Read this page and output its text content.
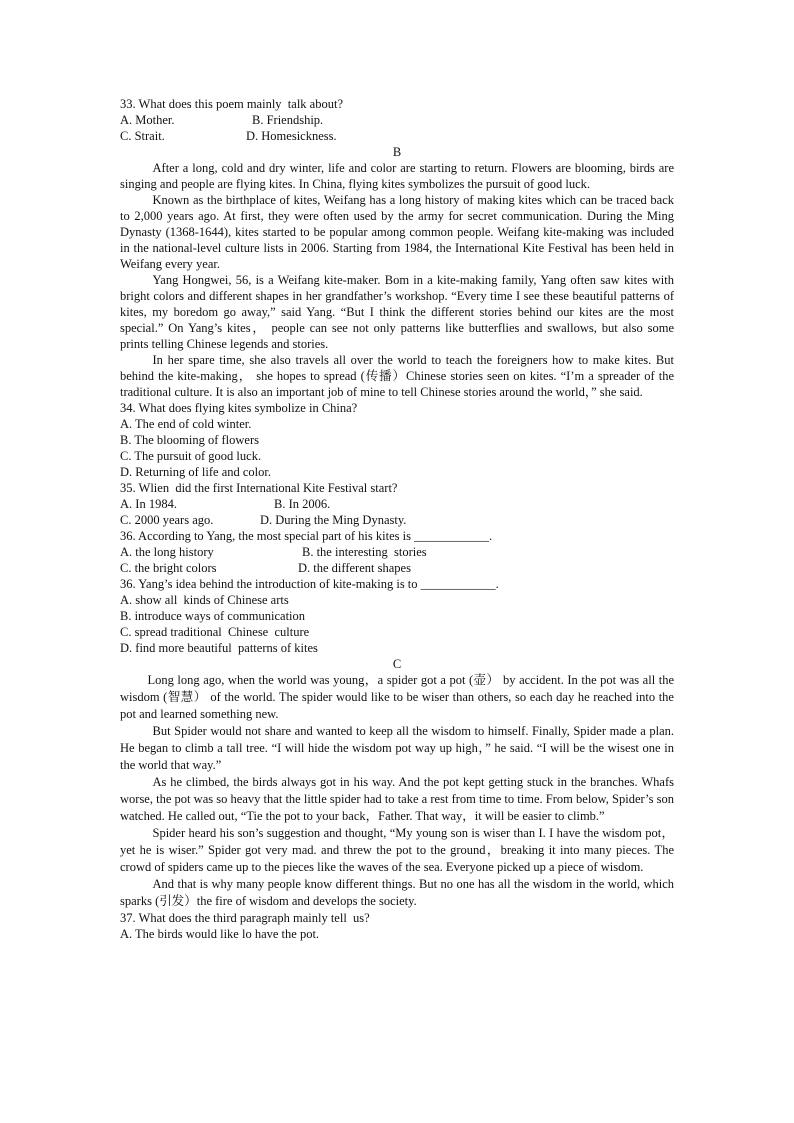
33. What does this poem mainly  talk about?

A. Mother.	B. Friendship.
C. Strait.	D. Homesickness.

B

After a long, cold and dry winter, life and color are starting to return. Flowers are blooming, birds are singing and people are flying kites. In China, flying kites symbolizes the pursuit of good luck.

Known as the birthplace of kites, Weifang has a long history of making kites which can be traced back to 2,000 years ago. At first, they were often used by the army for secret communication. During the Ming Dynasty (1368-1644), kites started to be popular among common people. Weifang kite-making was included in the national-level culture lists in 2006. Starting from 1984, the International Kite Festival has been held in Weifang every year.

Yang Hongwei, 56, is a Weifang kite-maker. Bom in a kite-making family, Yang often saw kites with bright colors and different shapes in her grandfather’s workshop. “Every time I see these beautiful patterns of kites, my boredom go away,” said Yang. “But I think the different stories behind our kites are the most special.” On Yang’s kites， people can see not only patterns like butterflies and swallows, but also some prints telling Chinese legends and stories.

In her spare time, she also travels all over the world to teach the foreigners how to make kites. But behind the kite-making， she hopes to spread (传播）Chinese stories seen on kites. “I’m a spreader of the traditional culture. It is also an important job of mine to tell Chinese stories around the world，” she said.

34. What does flying kites symbolize in China?

A. The end of cold winter.

B. The blooming of flowers

C. The pursuit of good luck.

D. Returning of life and color.

35. Wlien  did the first International Kite Festival start?

A. In 1984.	B. In 2006.
C. 2000 years ago.	D. During the Ming Dynasty.

36. According to Yang, the most special part of his kites is ____________.

A. the long history	B. the interesting  stories
C. the bright colors	D. the different shapes

36. Yang’s idea behind the introduction of kite-making is to ____________.

A. show all  kinds of Chinese arts

B. introduce ways of communication

C. spread traditional  Chinese  culture

D. find more beautiful  patterns of kites

C

Long long ago, when the world was young，a spider got a pot (壶） by accident. In the pot was all the wisdom (智慧） of the world. The spider would like to be wiser than others, so each day he reached into the pot and learned something new.

But Spider would not share and wanted to keep all the wisdom to himself. Finally, Spider made a plan. He began to climb a tall tree. “I will hide the wisdom pot way up high，” he said. “I will be the wisest one in the world that way.”

As he climbed, the birds always got in his way. And the pot kept getting stuck in the branches. Whafs worse, the pot was so heavy that the little spider had to take a rest from time to time. From below, Spider’s son watched. He called out, “Tie the pot to your back，Father. That way，it will be easier to climb.”

Spider heard his son’s suggestion and thought, “My young son is wiser than I. I have the wisdom pot，yet he is wiser.” Spider got very mad. and threw the pot to the ground，breaking it into many pieces. The crowd of spiders came up to the pieces like the waves of the sea. Everyone picked up a piece of wisdom.

And that is why many people know different things. But no one has all the wisdom in the world, which sparks (引发）the fire of wisdom and develops the society.

37. What does the third paragraph mainly tell  us?

A. The birds would like lo have the pot.
